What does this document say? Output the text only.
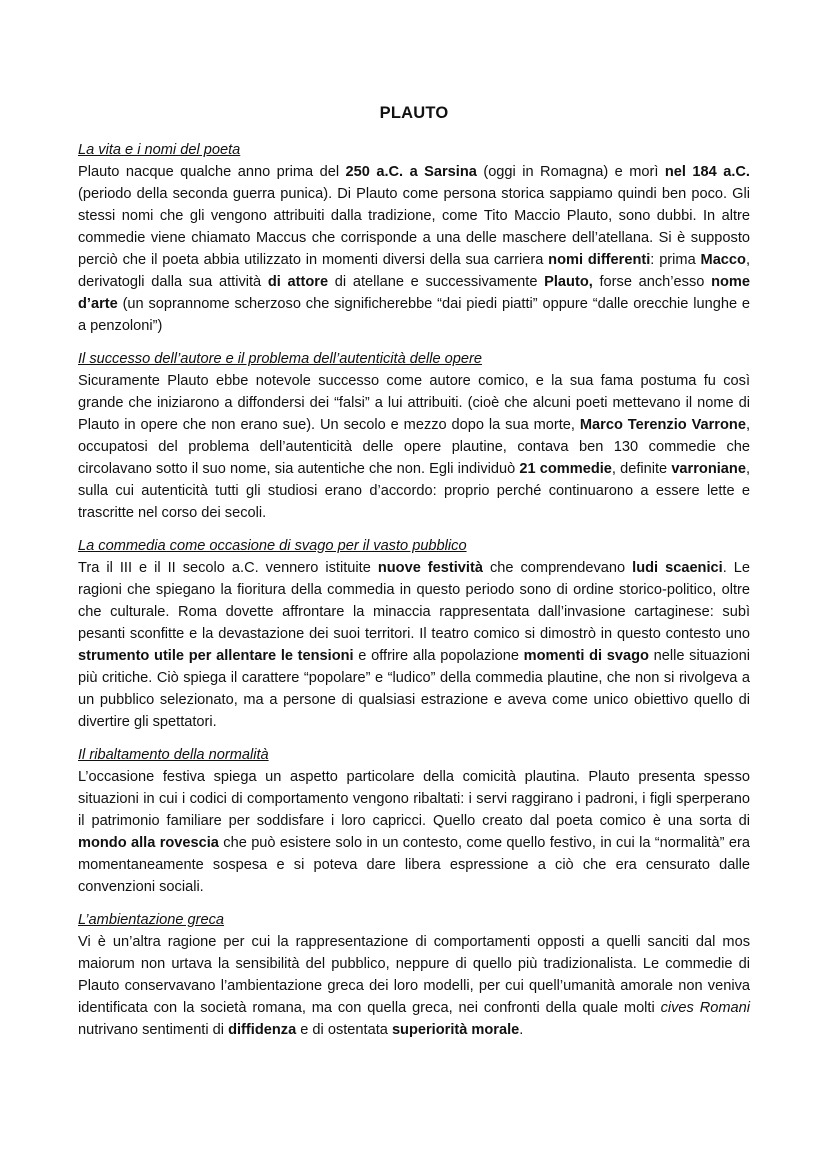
PLAUTO

La vita e i nomi del poeta

Plauto nacque qualche anno prima del 250 a.C. a Sarsina (oggi in Romagna) e morì nel 184 a.C. (periodo della seconda guerra punica). Di Plauto come persona storica sappiamo quindi ben poco. Gli stessi nomi che gli vengono attribuiti dalla tradizione, come Tito Maccio Plauto, sono dubbi. In altre commedie viene chiamato Maccus che corrisponde a una delle maschere dell’atellana. Si è supposto perciò che il poeta abbia utilizzato in momenti diversi della sua carriera nomi differenti: prima Macco, derivatogli dalla sua attività di attore di atellane e successivamente Plauto, forse anch’esso nome d’arte (un soprannome scherzoso che significherebbe “dai piedi piatti” oppure “dalle orecchie lunghe e a penzoloni”)

Il successo dell’autore e il problema dell’autenticità delle opere

Sicuramente Plauto ebbe notevole successo come autore comico, e la sua fama postuma fu così grande che iniziarono a diffondersi dei “falsi” a lui attribuiti. (cioè che alcuni poeti mettevano il nome di Plauto in opere che non erano sue). Un secolo e mezzo dopo la sua morte, Marco Terenzio Varrone, occupatosi del problema dell’autenticità delle opere plautine, contava ben 130 commedie che circolavano sotto il suo nome, sia autentiche che non. Egli individuò 21 commedie, definite varroniane, sulla cui autenticità tutti gli studiosi erano d’accordo: proprio perché continuarono a essere lette e trascritte nel corso dei secoli.

La commedia come occasione di svago per il vasto pubblico

Tra il III e il II secolo a.C. vennero istituite nuove festività che comprendevano ludi scaenici. Le ragioni che spiegano la fioritura della commedia in questo periodo sono di ordine storico-politico, oltre che culturale. Roma dovette affrontare la minaccia rappresentata dall’invasione cartaginese: subì pesanti sconfitte e la devastazione dei suoi territori. Il teatro comico si dimostrò in questo contesto uno strumento utile per allentare le tensioni e offrire alla popolazione momenti di svago nelle situazioni più critiche. Ciò spiega il carattere “popolare” e “ludico” della commedia plautine, che non si rivolgeva a un pubblico selezionato, ma a persone di qualsiasi estrazione e aveva come unico obiettivo quello di divertire gli spettatori.

Il ribaltamento della normalità

L’occasione festiva spiega un aspetto particolare della comicità plautina. Plauto presenta spesso situazioni in cui i codici di comportamento vengono ribaltati: i servi raggirano i padroni, i figli sperperano il patrimonio familiare per soddisfare i loro capricci. Quello creato dal poeta comico è una sorta di mondo alla rovescia che può esistere solo in un contesto, come quello festivo, in cui la “normalità” era momentaneamente sospesa e si poteva dare libera espressione a ciò che era censurato dalle convenzioni sociali.

L’ambientazione greca

Vi è un’altra ragione per cui la rappresentazione di comportamenti opposti a quelli sanciti dal mos maiorum non urtava la sensibilità del pubblico, neppure di quello più tradizionalista. Le commedie di Plauto conservavano l’ambientazione greca dei loro modelli, per cui quell’umanità amorale non veniva identificata con la società romana, ma con quella greca, nei confronti della quale molti cives Romani nutrivano sentimenti di diffidenza e di ostentata superiorità morale.
